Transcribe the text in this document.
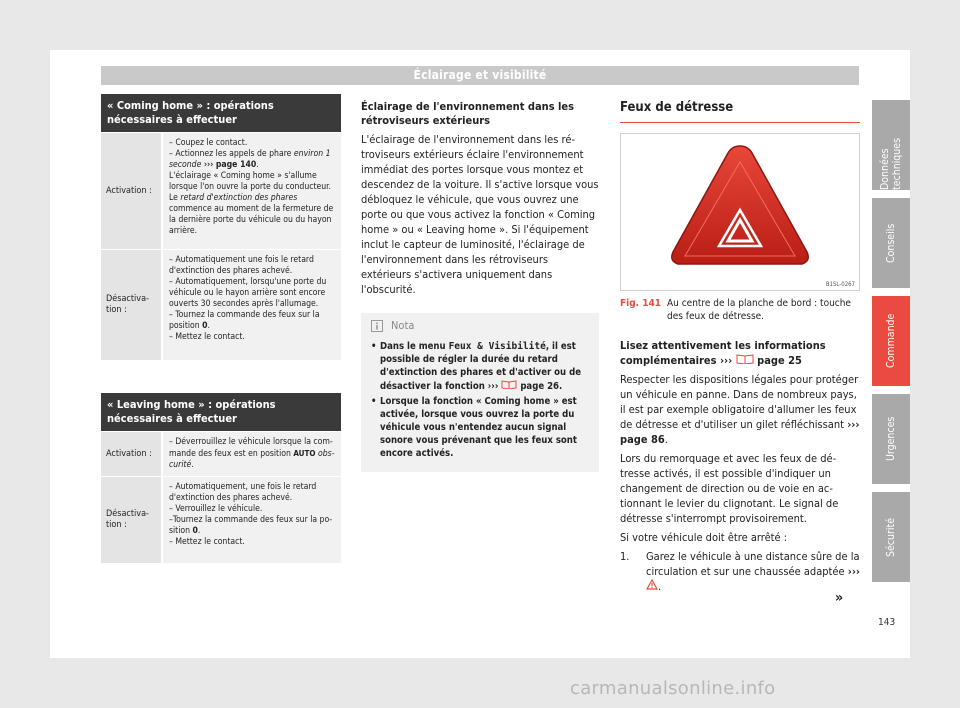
Éclairage et visibilité
« Coming home » : opérations nécessaires à effectuer
Activation :
– Coupez le contact.
– Actionnez les appels de phare environ 1 seconde ››› page 140.
L'éclairage « Coming home » s'allume lorsque l'on ouvre la porte du conducteur. Le retard d'extinction des phares commence au moment de la fermeture de la dernière porte du véhicule ou du hayon arrière.
Désactivation :
– Automatiquement une fois le retard d'extinction des phares achevé.
– Automatiquement, lorsqu'une porte du véhicule ou le hayon arrière sont encore ouverts 30 secondes après l'allumage.
– Tournez la commande des feux sur la position 0.
– Mettez le contact.
« Leaving home » : opérations nécessaires à effectuer
Activation :
– Déverrouillez le véhicule lorsque la commande des feux est en position AUTO obscurité.
Désactivation :
– Automatiquement, une fois le retard d'extinction des phares achevé.
– Verrouillez le véhicule.
–Tournez la commande des feux sur la position 0.
– Mettez le contact.

Éclairage de l'environnement dans les rétroviseurs extérieurs

L'éclairage de l'environnement dans les rétroviseurs extérieurs éclaire l'environnement immédiat des portes lorsque vous montez et descendez de la voiture. Il s'active lorsque vous débloquez le véhicule, que vous ouvrez une porte ou que vous activez la fonction « Coming home » ou « Leaving home ». Si l'équipement inclut le capteur de luminosité, l'éclairage de l'environnement dans les rétroviseurs extérieurs s'activera uniquement dans l'obscurité.

Nota
• Dans le menu Feux & Visibilité, il est possible de régler la durée du retard d'extinction des phares et d'activer ou de désactiver la fonction ››› page 26.
• Lorsque la fonction « Coming home » est activée, lorsque vous ouvrez la porte du véhicule vous n'entendez aucun signal sonore vous prévenant que les feux sont encore activés.
Feux de détresse
B1SL-0267
Fig. 141 Au centre de la planche de bord : touche des feux de détresse.
Lisez attentivement les informations complémentaires ››› page 25

Respecter les dispositions légales pour protéger un véhicule en panne. Dans de nombreux pays, il est par exemple obligatoire d'allumer les feux de détresse et d'utiliser un gilet réfléchissant ››› page 86.

Lors du remorquage et avec les feux de détresse activés, il est possible d'indiquer un changement de direction ou de voie en actionnant le levier du clignotant. Le signal de détresse s'interrompt provisoirement.

Si votre véhicule doit être arrêté :

1.	Garez le véhicule à une distance sûre de la circulation et sur une chaussée adaptée ››› .
»
Données techniques
Conseils
Commande
Urgences
Sécurité
143
carmanualsonline.info
